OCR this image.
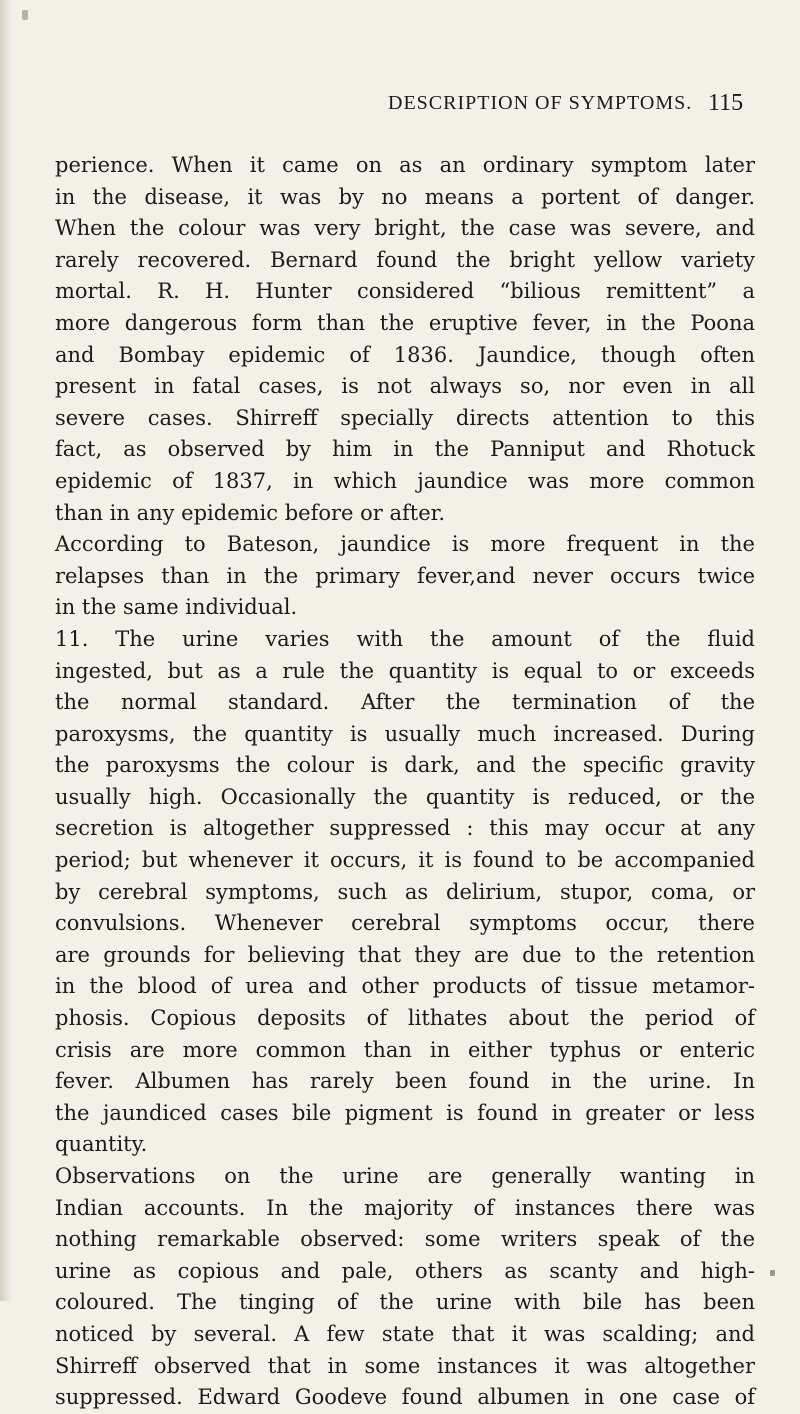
DESCRIPTION OF SYMPTOMS. 115
perience. When it came on as an ordinary symptom later
in the disease, it was by no means a portent of danger.
When the colour was very bright, the case was severe, and
rarely recovered. Bernard found the bright yellow variety
mortal. R. H. Hunter considered “bilious remittent” a
more dangerous form than the eruptive fever, in the Poona
and Bombay epidemic of 1836. Jaundice, though often
present in fatal cases, is not always so, nor even in all
severe cases. Shirreff specially directs attention to this
fact, as observed by him in the Panniput and Rhotuck
epidemic of 1837, in which jaundice was more common
than in any epidemic before or after.
According to Bateson, jaundice is more frequent in the
relapses than in the primary fever,and never occurs twice
in the same individual.
11. The urine varies with the amount of the fluid
ingested, but as a rule the quantity is equal to or exceeds
the normal standard. After the termination of the
paroxysms, the quantity is usually much increased. During
the paroxysms the colour is dark, and the specific gravity
usually high. Occasionally the quantity is reduced, or the
secretion is altogether suppressed : this may occur at any
period; but whenever it occurs, it is found to be accompanied
by cerebral symptoms, such as delirium, stupor, coma, or
convulsions. Whenever cerebral symptoms occur, there
are grounds for believing that they are due to the retention
in the blood of urea and other products of tissue metamor-
phosis. Copious deposits of lithates about the period of
crisis are more common than in either typhus or enteric
fever. Albumen has rarely been found in the urine. In
the jaundiced cases bile pigment is found in greater or less
quantity.
Observations on the urine are generally wanting in
Indian accounts. In the majority of instances there was
nothing remarkable observed: some writers speak of the
urine as copious and pale, others as scanty and high-
coloured. The tinging of the urine with bile has been
noticed by several. A few state that it was scalding; and
Shirreff observed that in some instances it was altogether
suppressed. Edward Goodeve found albumen in one case of
